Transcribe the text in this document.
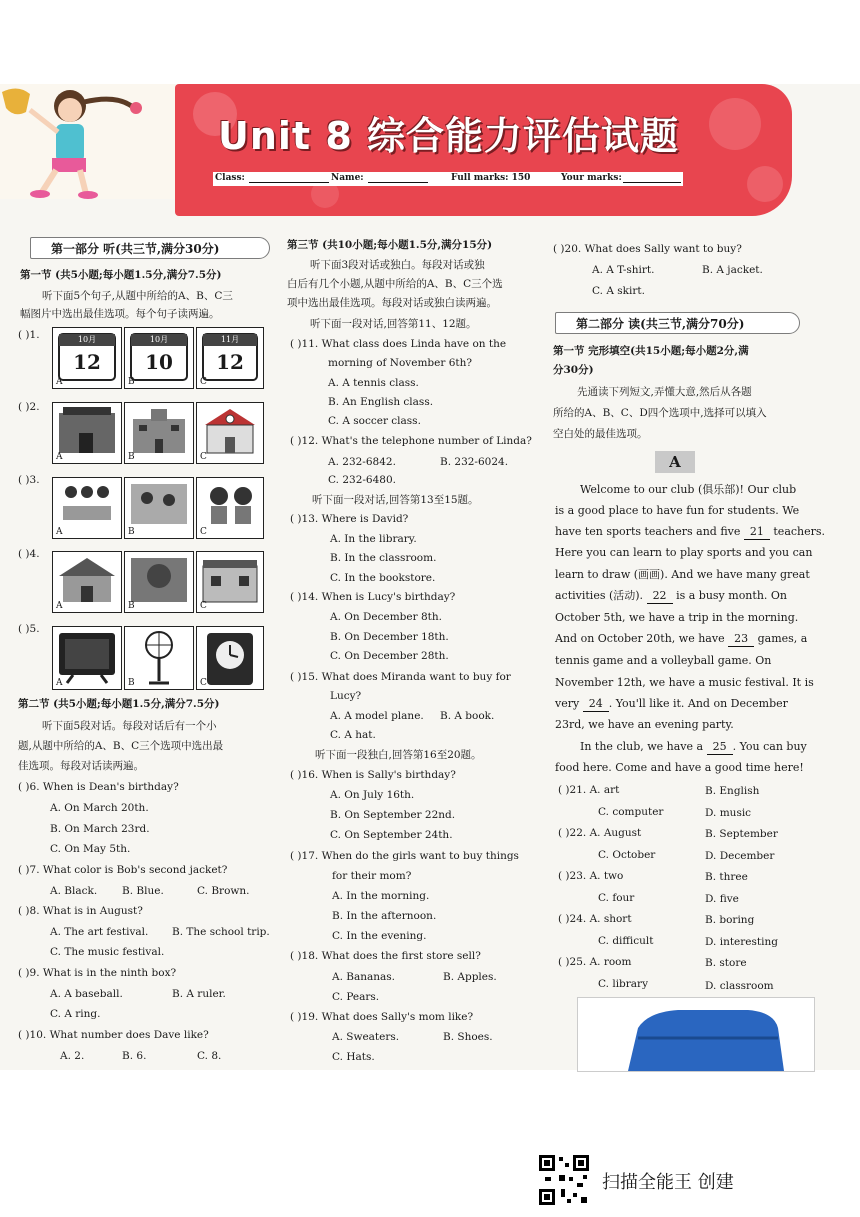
Unit 8 综合能力评估试题
Class:	Name:	Full marks: 150	Your marks:
第一部分 听(共三节,满分30分)
第一节 (共5小题;每小题1.5分,满分7.5分)
听下面5个句子,从题中所给的A、B、C三
幅图片中选出最佳选项。每个句子读两遍。
( )1.	10月
12
A
10月
10
B
11月
12
C
( )2.
A	B	C
( )3.
A	B	C
( )4.
A	B	C
( )5.
A	B	C
第二节 (共5小题;每小题1.5分,满分7.5分)
听下面5段对话。每段对话后有一个小
题,从题中所给的A、B、C三个选项中选出最
佳选项。每段对话读两遍。
( )6. When is Dean's birthday?
A. On March 20th.
B. On March 23rd.
C. On May 5th.
( )7. What color is Bob's second jacket?
A. Black. B. Blue.	C. Brown.
( )8. What is in August?
A. The art festival. B. The school trip.
C. The music festival.
( )9. What is in the ninth box?
A. A baseball.	B. A ruler.
C. A ring.
( )10. What number does Dave like?
A. 2.	B. 6.	C. 8.
第三节 (共10小题;每小题1.5分,满分15分)
听下面3段对话或独白。每段对话或独
白后有几个小题,从题中所给的A、B、C三个选
项中选出最佳选项。每段对话或独白读两遍。
听下面一段对话,回答第11、12题。
( )11. What class does Linda have on the
morning of November 6th?
A. A tennis class.
B. An English class.
C. A soccer class.
( )12. What's the telephone number of Linda?
A. 232-6842.	B. 232-6024.
C. 232-6480.
听下面一段对话,回答第13至15题。
( )13. Where is David?
A. In the library.
B. In the classroom.
C. In the bookstore.
( )14. When is Lucy's birthday?
A. On December 8th.
B. On December 18th.
C. On December 28th.
( )15. What does Miranda want to buy for
Lucy?
A. A model plane. B. A book.
C. A hat.
听下面一段独白,回答第16至20题。
( )16. When is Sally's birthday?
A. On July 16th.
B. On September 22nd.
C. On September 24th.
( )17. When do the girls want to buy things
for their mom?
A. In the morning.
B. In the afternoon.
C. In the evening.
( )18. What does the first store sell?
A. Bananas.	B. Apples.
C. Pears.
( )19. What does Sally's mom like?
A. Sweaters.	B. Shoes.
C. Hats.
( )20. What does Sally want to buy?
A. A T-shirt.	B. A jacket.
C. A skirt.
第二部分 读(共三节,满分70分)
第一节 完形填空(共15小题;每小题2分,满
分30分)
先通读下列短文,弄懂大意,然后从各题
所给的A、B、C、D四个选项中,选择可以填入
空白处的最佳选项。
A
Welcome to our club (俱乐部)! Our club
is a good place to have fun for students. We
have ten sports teachers and five 21 teachers.
Here you can learn to play sports and you can
learn to draw (画画). And we have many great
activities (活动). 22 is a busy month. On
October 5th, we have a trip in the morning.
And on October 20th, we have 23 games, a
tennis game and a volleyball game. On
November 12th, we have a music festival. It is
very 24 . You'll like it. And on December
23rd, we have an evening party.
In the club, we have a 25 . You can buy
food here. Come and have a good time here!
( )21. A. art	B. English
C. computer	D. music
( )22. A. August	B. September
C. October	D. December
( )23. A. two	B. three
C. four	D. five
( )24. A. short	B. boring
C. difficult	D. interesting
( )25. A. room	B. store
C. library	D. classroom
扫描全能王 创建
